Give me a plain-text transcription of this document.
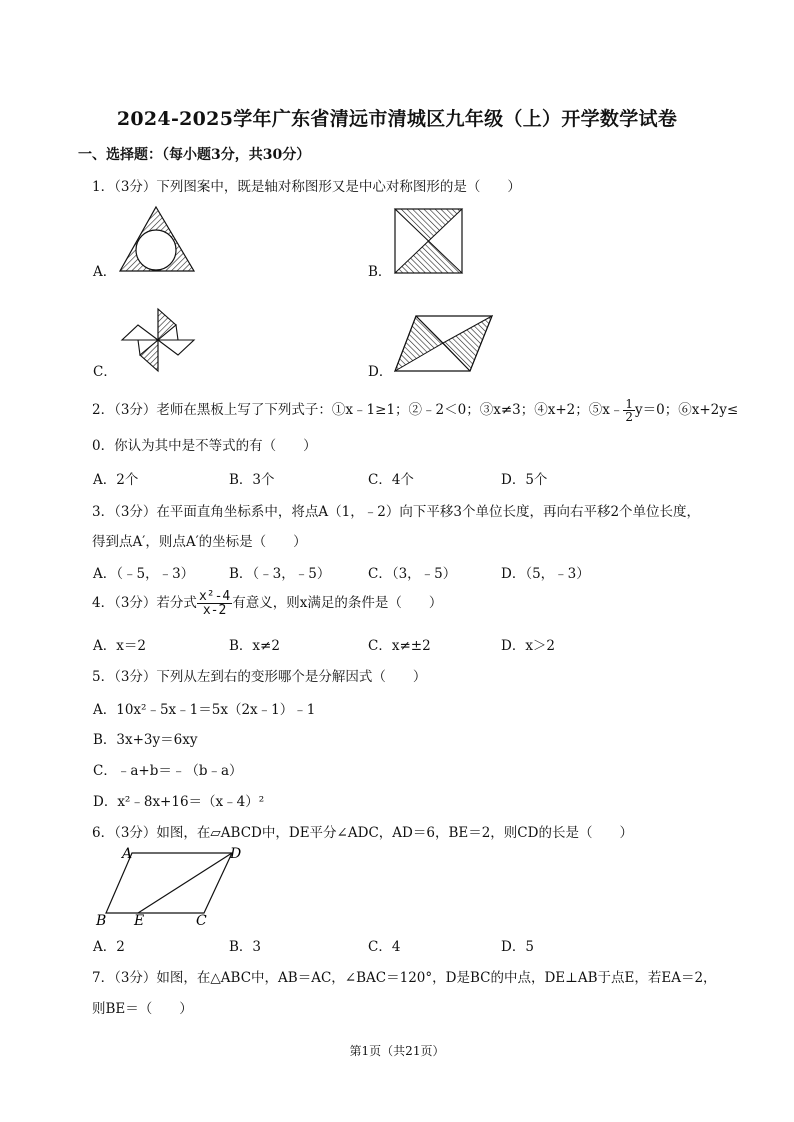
2024-2025学年广东省清远市清城区九年级（上）开学数学试卷
一、选择题：（每小题3分，共30分）
1．（3分）下列图案中，既是轴对称图形又是中心对称图形的是（　　）
A．	B．
C．	D．
2．（3分）老师在黑板上写了下列式子：①x﹣1≥1；②﹣2＜0；③x≠3；④x+2；⑤x﹣ $\frac{1}{2} y=0$；⑥x+2y≤
0．你认为其中是不等式的有（　　）
A．2个	B．3个	C．4个	D．5个
3．（3分）在平面直角坐标系中，将点A（1，﹣2）向下平移3个单位长度，再向右平移2个单位长度，
得到点A′，则点A′的坐标是（　　）
A．（﹣5，﹣3）	B．（﹣3，﹣5）	C．（3，﹣5）	D．（5，﹣3）
4．（3分）若分式 $\frac{\text{x²-4}}{x-2}$ 有意义，则x满足的条件是（　　）
A．x＝2	B．x≠2	C．x≠±2	D．x＞2
5．（3分）下列从左到右的变形哪个是分解因式（　　）
A．10x²﹣5x﹣1＝5x（2x﹣1）﹣1
B．3x+3y＝6xy
C．﹣a+b＝﹣（b﹣a）
D．x²﹣8x+16＝（x﹣4）²
6．（3分）如图，在▱ABCD中，DE平分∠ADC，AD＝6，BE＝2，则CD的长是（　　）
A	D
B E	C
A．2	B．3	C．4	D．5
7．（3分）如图，在△ABC中，AB＝AC，∠BAC＝120°，D是BC的中点，DE⊥AB于点E，若EA＝2，
则BE＝（　　）
第1页（共21页）
